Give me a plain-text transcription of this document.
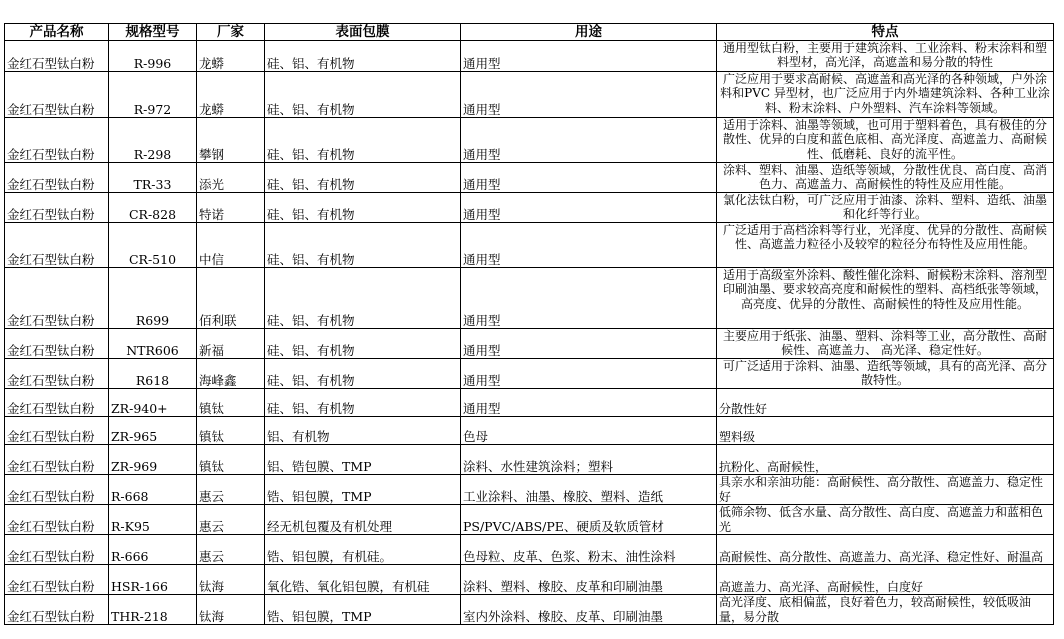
产品名称	规格型号	厂家	表面包膜	用途	特点
金红石型钛白粉	R-996	龙蟒	硅、铝、有机物	通用型	通用型钛白粉，主要用于建筑涂料、工业涂料、粉末涂料和塑料型材，高光泽，高遮盖和易分散的特性
金红石型钛白粉	R-972	龙蟒	硅、铝、有机物	通用型	广泛应用于要求高耐候、高遮盖和高光泽的各种领域，户外涂料和PVC 异型材，也广泛应用于内外墙建筑涂料、各种工业涂料、粉末涂料、户外塑料、汽车涂料等领域。
金红石型钛白粉	R-298	攀钢	硅、铝、有机物	通用型	适用于涂料、油墨等领域，也可用于塑料着色，具有极佳的分散性、优异的白度和蓝色底相、高光泽度、高遮盖力、高耐候性、低磨耗、良好的流平性。
金红石型钛白粉	TR-33	添光	硅、铝、有机物	通用型	涂料、塑料、油墨、造纸等领域，分散性优良、高白度、高消色力、高遮盖力、高耐候性的特性及应用性能。
金红石型钛白粉	CR-828	特诺	硅、铝、有机物	通用型	氯化法钛白粉，可广泛应用于油漆、涂料、塑料、造纸、油墨和化纤等行业。
金红石型钛白粉	CR-510	中信	硅、铝、有机物	通用型	广泛适用于高档涂料等行业，光泽度、优异的分散性、高耐候性、高遮盖力粒径小及较窄的粒径分布特性及应用性能。
金红石型钛白粉	R699	佰利联	硅、铝、有机物	通用型	适用于高级室外涂料、酸性催化涂料、耐候粉末涂料、溶剂型印刷油墨、要求较高亮度和耐候性的塑料、高档纸张等领域，高亮度、优异的分散性、高耐候性的特性及应用性能。
金红石型钛白粉	NTR606	新福	硅、铝、有机物	通用型	主要应用于纸张、油墨、塑料、涂料等工业，高分散性、高耐候性、高遮盖力、 高光泽、稳定性好。
金红石型钛白粉	R618	海峰鑫	硅、铝、有机物	通用型	可广泛适用于涂料、油墨、造纸等领域，具有的高光泽、高分散特性。
金红石型钛白粉	ZR-940+	镇钛	硅、铝、有机物	通用型	分散性好
金红石型钛白粉	ZR-965	镇钛	铝、有机物	色母	塑料级
金红石型钛白粉	ZR-969	镇钛	铝、锆包膜、TMP	涂料、水性建筑涂料；塑料	抗粉化、高耐候性，
金红石型钛白粉	R-668	惠云	锆、铝包膜，TMP	工业涂料、油墨、橡胶、塑料、造纸	具亲水和亲油功能：高耐候性、高分散性、高遮盖力、稳定性好
金红石型钛白粉	R-K95	惠云	经无机包覆及有机处理	PS/PVC/ABS/PE、硬质及软质管材	低筛余物、低含水量、高分散性、高白度、高遮盖力和蓝相色光
金红石型钛白粉	R-666	惠云	锆、铝包膜，有机硅。	色母粒、皮革、色浆、粉末、油性涂料	高耐候性、高分散性、高遮盖力、高光泽、稳定性好、耐温高
金红石型钛白粉	HSR-166	钛海	氧化锆、氧化铝包膜，有机硅	涂料、塑料、橡胶、皮革和印刷油墨	高遮盖力、高光泽、高耐候性，白度好
金红石型钛白粉	THR-218	钛海	锆、铝包膜，TMP	室内外涂料、橡胶、皮革、印刷油墨	高光泽度、底相偏蓝，良好着色力，较高耐候性，较低吸油量，易分散
